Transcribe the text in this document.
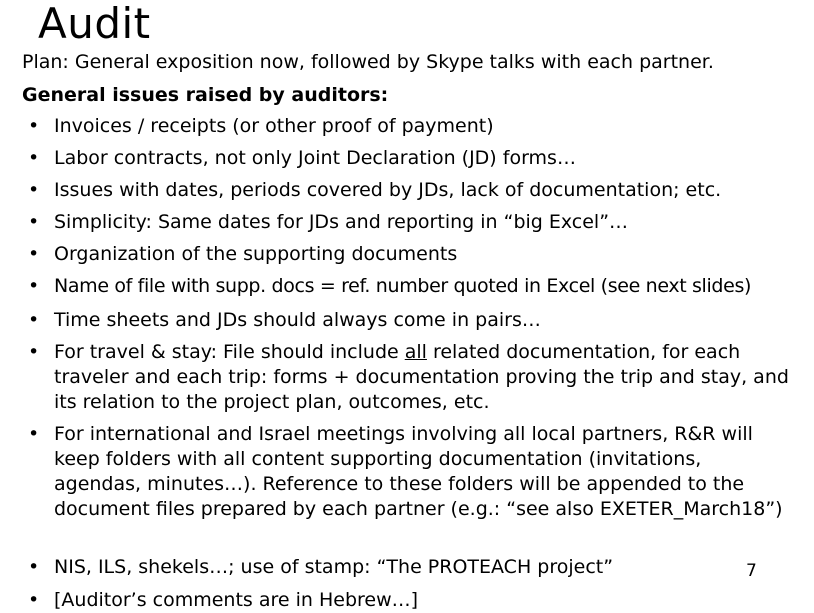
Audit
Plan: General exposition now, followed by Skype talks with each partner.
General issues raised by auditors:
• Invoices / receipts (or other proof of payment)
• Labor contracts, not only Joint Declaration (JD) forms…
• Issues with dates, periods covered by JDs, lack of documentation; etc.
• Simplicity: Same dates for JDs and reporting in “big Excel”…
• Organization of the supporting documents
• Name of file with supp. docs = ref. number quoted in Excel (see next slides)
• Time sheets and JDs should always come in pairs…
• For travel & stay: File should include all related documentation, for each traveler and each trip: forms + documentation proving the trip and stay, and its relation to the project plan, outcomes, etc.
• For international and Israel meetings involving all local partners, R&R will keep folders with all content supporting documentation (invitations, agendas, minutes…). Reference to these folders will be appended to the document files prepared by each partner (e.g.: “see also EXETER_March18”)
• NIS, ILS, shekels…; use of stamp: “The PROTEACH project”
• [Auditor’s comments are in Hebrew…]
7
